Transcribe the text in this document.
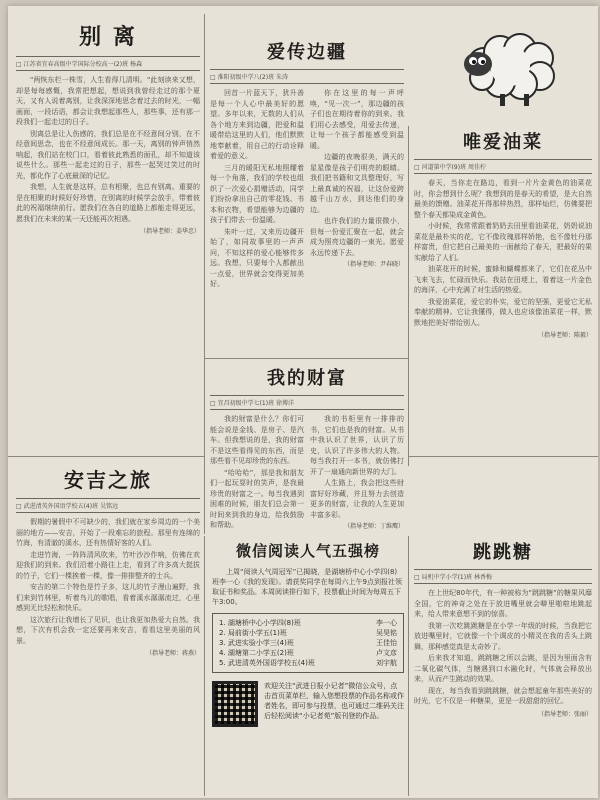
别 离
□ 江苏省宜春高级中学国际分校高一(2)班 杨森

"两恢东栏一株雪，人生看得几清明。"此刻读来又想，却是每每感慨，我常把想起，想说到我曾经走过的那个夏天，又有人说着离别，让我深深地思念着过去的时光，一幅画面，一段话语，都会让我想起那些人，那些事，还有那一段我们一起走过的日子。

别离总是让人伤感的，我们总是在不经意间分别，在不经意间思念，也在不经意间成长。那一天，离别的钟声悄然响起，我们站在校门口，看着彼此熟悉的面孔，却不知道该说些什么。那些一起走过的日子，那些一起哭过笑过的时光，都化作了心底最深的记忆。

我想，人生就是这样，总有相聚，也总有别离。重要的是在相聚的时候好好珍惜，在别离的时候学会放手，带着彼此的祝福继续前行。愿我们在各自的道路上都能走得更远，愿我们在未来的某一天还能再次相遇。

（指导老师：姜华忠）
爱传边疆
□ 淮阳初级中学八(2)班 朱涛

回首一片蓝天下，犹升善是每一个人心中最美好的愿望。多年以来，无数的人们从各个地方来到边疆，把爱和温暖带给这里的人们，他们默默地奉献着，用自己的行动诠释着爱的意义。

三月的暖阳无私地照耀着每一个角落，我们的学校也组织了一次爱心捐赠活动，同学们纷纷拿出自己的零花钱、书本和衣物，希望能够为边疆的孩子们带去一份温暖。

朱叶一过，又来历边疆开始了，如同故事里的一声声问，不知这样的爱心能够传多远。我想，只要每个人都献出一点爱，世界就会变得更加美好。

你在这里的每一声呼唤，“见一次一”，那边疆的孩子们也在期待着你的到来。我们用心去感受，用爱去传递，让每一个孩子都能感受到温暖。

边疆的夜晚很美，满天的星星像是孩子们明亮的眼睛。我们把书籍和文具整理好，写上最真诚的祝福，让这份爱跨越千山万水，到达他们的身边。

也许我们的力量很微小，但每一份爱汇聚在一起，就会成为照亮边疆的一束光。愿爱永远传递下去。

（指导老师：尹春晓）
唯爱油菜
□ 河道第中学(9)班 周佳柠

春天，当你走在路边，看到一片片金黄色的油菜花时，你会想到什么呢？我想到的是春天的希望，是大自然最美的馈赠。油菜花开得那样热烈，那样灿烂，仿佛要把整个春天都染成金黄色。

小时候，我常常跟着奶奶去田里看油菜花，奶奶说油菜花是最朴实的花，它不像玫瑰那样娇艳，也不像牡丹那样富贵，但它把自己最美的一面献给了春天，把最好的果实献给了人们。

油菜花开的时候，蜜蜂和蝴蝶都来了，它们在花丛中飞来飞去，忙碌而快乐。我站在田埂上，看着这一片金色的海洋，心中充满了对生活的热爱。

我爱油菜花，爱它的朴实，爱它的坚强，更爱它无私奉献的精神。它让我懂得，做人也应该像油菜花一样，默默地把美好带给别人。

（指导老师：陈毅）
我的财富
□ 宜昌初级中学七(1)班 徐博洋

我的财富是什么？你们可能会说是金钱、是房子、是汽车。但我想说的是，我的财富不是这些看得见的东西，而是那些看不见却珍贵的东西。

“哈哈哈”，那是我和朋友们一起玩耍时的笑声，是我最珍贵的财富之一。每当我遇到困难的时候，朋友们总会第一时间来到我的身边，给我鼓励和帮助。

我的书柜里有一排排的书，它们也是我的财富。从书中我认识了世界，认识了历史，认识了许多伟大的人物。每当我打开一本书，就仿佛打开了一扇通向新世界的大门。

人生路上，我会把这些财富好好珍藏，并且努力去创造更多的财富，让我的人生更加丰富多彩。

（指导老师：丁维鹰）
安吉之旅
□ 武进清英外国语学校五(4)班 吴铭远

假期的暑假中不可缺少的，我们就在家乡周边的一个美丽的地方——安吉，开始了一段难忘的旅程。那里有连绵的竹海，有清澈的溪水，还有热情好客的人们。

走进竹海，一阵阵清风吹来，竹叶沙沙作响，仿佛在欢迎我们的到来。我们沿着小路往上走，看到了许多高大挺拔的竹子，它们一棵挨着一棵，像一排排整齐的士兵。

安吉的第二个特色是竹子多，这儿的竹子漫山遍野，我们来到竹林里，听着鸟儿的歌唱，看着溪水潺潺流过，心里感到无比轻松和快乐。

这次旅行让我增长了见识，也让我更加热爱大自然。我想，下次有机会我一定还要再来安吉，看看这里美丽的风景。

（指导老师：蒋燕）
微信阅读人气五强榜
上周“阅读人气周冠军”已揭晓，是湖塘桥中心小学四(8)班李一心《我的发现》。请获奖同学在每周六上午9点到报社领取证书和奖品。本周阅读排行如下，投票截止时间为每周五下午3:00。
1. 湖塘桥中心小学四(8)班
2. 局前街小学五(1)班
3. 武进实验小学三(4)班
4. 湖塘第二小学五(2)班
5. 武进清英外国语学校五(4)班
李一心
吴昊铭
王佳怡
卢文彦
刘宇航
欢迎关注“武进日报小记者”微信公众号，点击首页菜单栏，输入您想投票的作品名称或作者姓名，即可参与投票，也可通过二维码关注后轻松阅读“小记者苑”版刊登的作品。
跳跳糖
□ 局机中学小学(1)班 林香梅

在上世纪80年代，有一种被称为“跳跳糖”的糖果风靡全国，它的神奇之处在于放进嘴里就会噼里啪啦地跳起来，给人带来意想不到的惊喜。

我第一次吃跳跳糖是在小学一年级的时候，当我把它放进嘴里时，它就像一个个调皮的小精灵在我的舌头上跳舞，那种感觉真是太奇妙了。

后来我才知道，跳跳糖之所以会跳，是因为里面含有二氧化碳气体，当糖遇到口水融化时，气体就会释放出来，从而产生跳动的效果。

现在，每当我看到跳跳糖，就会想起童年那些美好的时光，它不仅是一种糖果，更是一段甜甜的回忆。

（指导老师：张丽）
